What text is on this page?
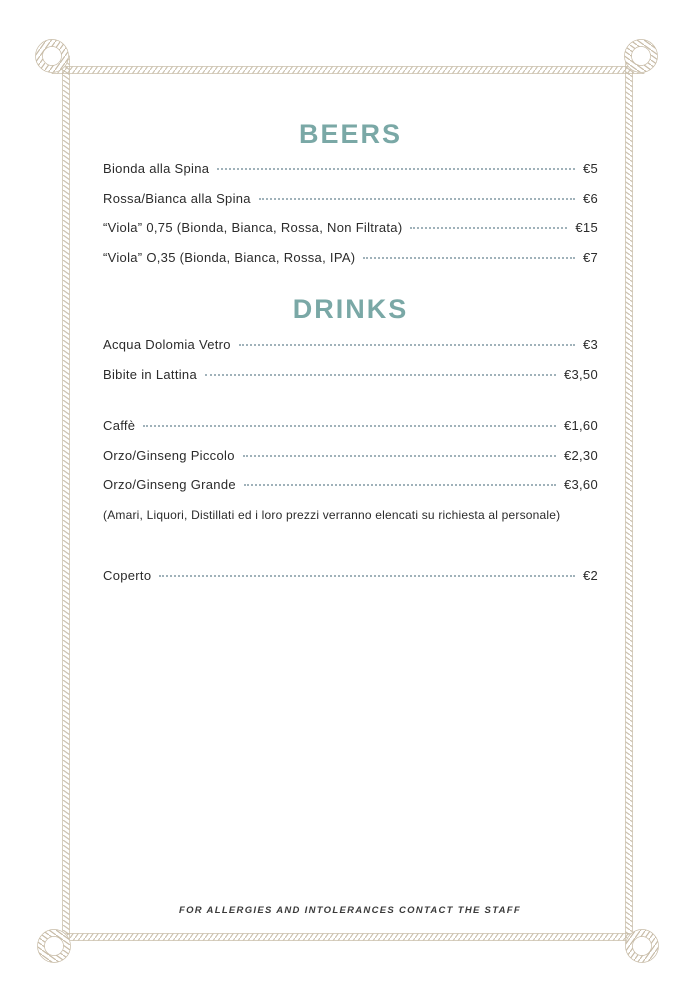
BEERS
Bionda alla Spina	€5
Rossa/Bianca alla Spina	€6
“Viola” 0,75 (Bionda, Bianca, Rossa, Non Filtrata)	€15
“Viola” O,35 (Bionda, Bianca, Rossa, IPA)	€7
DRINKS
Acqua Dolomia Vetro	€3
Bibite in Lattina	€3,50
Caffè	€1,60
Orzo/Ginseng Piccolo	€2,30
Orzo/Ginseng Grande	€3,60

(Amari, Liquori, Distillati ed i loro prezzi verranno elencati su richiesta al personale)

Coperto	€2

FOR ALLERGIES AND INTOLERANCES CONTACT THE STAFF
